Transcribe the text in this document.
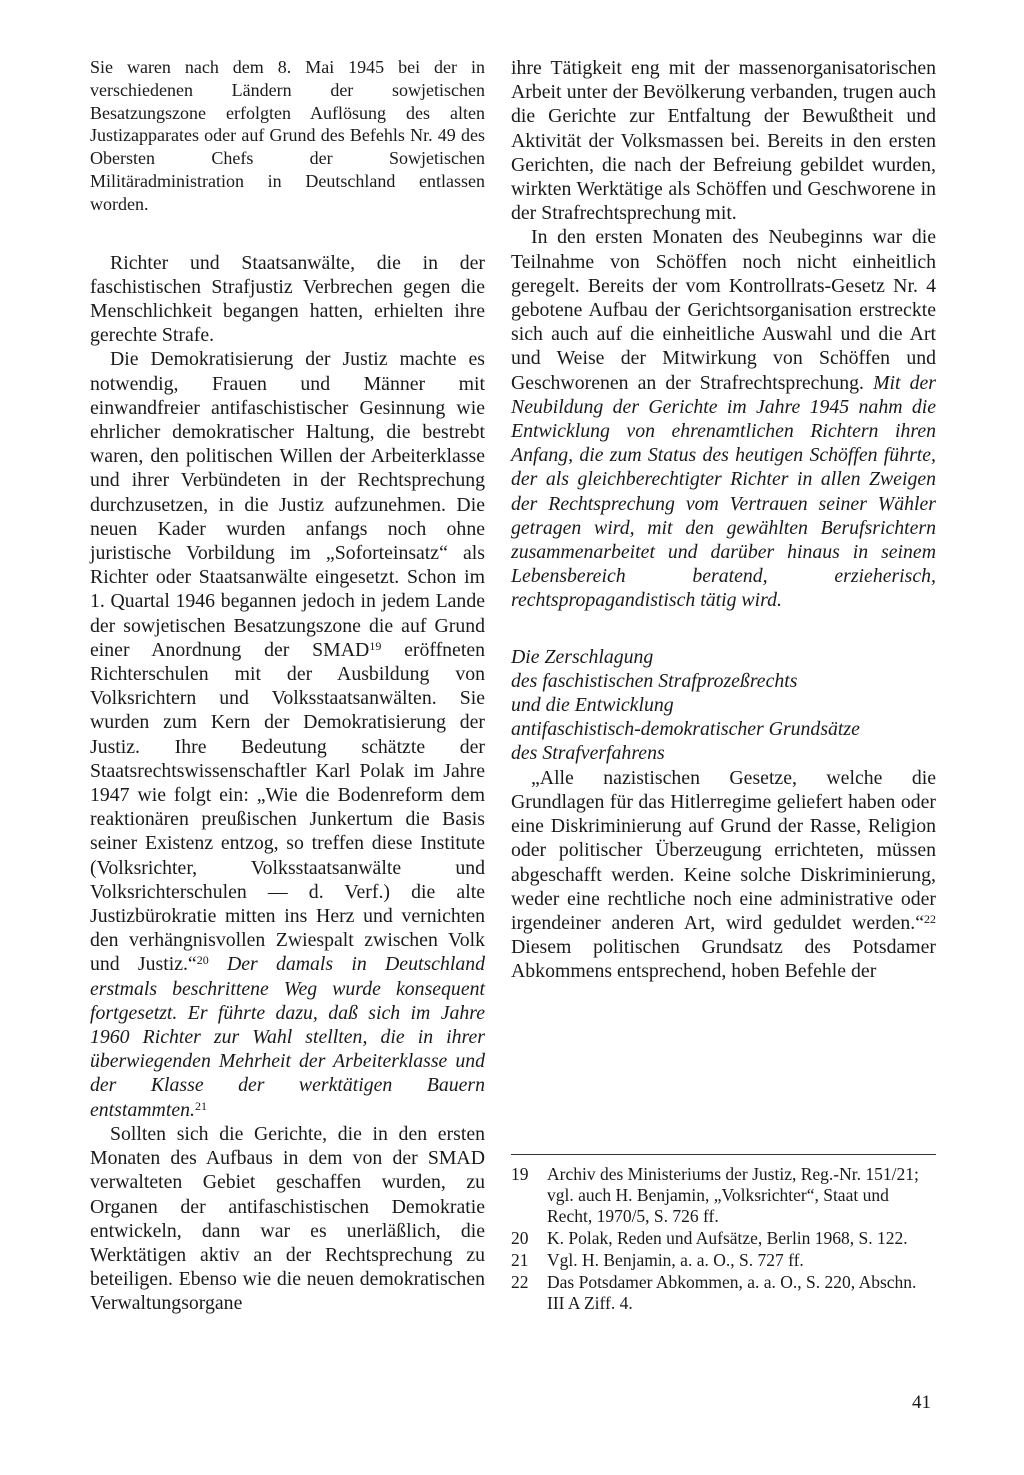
Sie waren nach dem 8. Mai 1945 bei der in verschiedenen Ländern der sowjetischen Besatzungszone erfolgten Auflösung des alten Justizapparates oder auf Grund des Befehls Nr. 49 des Obersten Chefs der Sowjetischen Militäradministration in Deutschland entlassen worden.

Richter und Staatsanwälte, die in der faschistischen Strafjustiz Verbrechen gegen die Menschlichkeit begangen hatten, erhielten ihre gerechte Strafe.

Die Demokratisierung der Justiz machte es notwendig, Frauen und Männer mit einwandfreier antifaschistischer Gesinnung wie ehrlicher demokratischer Haltung, die bestrebt waren, den politischen Willen der Arbeiterklasse und ihrer Verbündeten in der Rechtsprechung durchzusetzen, in die Justiz aufzunehmen. Die neuen Kader wurden anfangs noch ohne juristische Vorbildung im „Soforteinsatz“ als Richter oder Staatsanwälte eingesetzt. Schon im 1. Quartal 1946 begannen jedoch in jedem Lande der sowjetischen Besatzungszone die auf Grund einer Anordnung der SMAD$^{19}$ eröffneten Richterschulen mit der Ausbildung von Volksrichtern und Volksstaatsanwälten. Sie wurden zum Kern der Demokratisierung der Justiz. Ihre Bedeutung schätzte der Staatsrechtswissenschaftler Karl Polak im Jahre 1947 wie folgt ein: „Wie die Bodenreform dem reaktionären preußischen Junkertum die Basis seiner Existenz entzog, so treffen diese Institute (Volksrichter, Volksstaatsanwälte und Volksrichterschulen — d. Verf.) die alte Justizbürokratie mitten ins Herz und vernichten den verhängnisvollen Zwiespalt zwischen Volk und Justiz.“$^{20}$ Der damals in Deutschland erstmals beschrittene Weg wurde konsequent fortgesetzt. Er führte dazu, daß sich im Jahre 1960 Richter zur Wahl stellten, die in ihrer überwiegenden Mehrheit der Arbeiterklasse und der Klasse der werktätigen Bauern entstammten.$^{21}$

Sollten sich die Gerichte, die in den ersten Monaten des Aufbaus in dem von der SMAD verwalteten Gebiet geschaffen wurden, zu Organen der antifaschistischen Demokratie entwickeln, dann war es unerläßlich, die Werktätigen aktiv an der Rechtsprechung zu beteiligen. Ebenso wie die neuen demokratischen Verwaltungsorgane

ihre Tätigkeit eng mit der massenorganisatorischen Arbeit unter der Bevölkerung verbanden, trugen auch die Gerichte zur Entfaltung der Bewußtheit und Aktivität der Volksmassen bei. Bereits in den ersten Gerichten, die nach der Befreiung gebildet wurden, wirkten Werktätige als Schöffen und Geschworene in der Strafrechtsprechung mit.

In den ersten Monaten des Neubeginns war die Teilnahme von Schöffen noch nicht einheitlich geregelt. Bereits der vom Kontrollrats-Gesetz Nr. 4 gebotene Aufbau der Gerichtsorganisation erstreckte sich auch auf die einheitliche Auswahl und die Art und Weise der Mitwirkung von Schöffen und Geschworenen an der Strafrechtsprechung. Mit der Neubildung der Gerichte im Jahre 1945 nahm die Entwicklung von ehrenamtlichen Richtern ihren Anfang, die zum Status des heutigen Schöffen führte, der als gleichberechtigter Richter in allen Zweigen der Rechtsprechung vom Vertrauen seiner Wähler getragen wird, mit den gewählten Berufsrichtern zusammenarbeitet und darüber hinaus in seinem Lebensbereich beratend, erzieherisch, rechtspropagandistisch tätig wird.

Die Zerschlagung
des faschistischen Strafprozeßrechts
und die Entwicklung
antifaschistisch-demokratischer Grundsätze
des Strafverfahrens

„Alle nazistischen Gesetze, welche die Grundlagen für das Hitlerregime geliefert haben oder eine Diskriminierung auf Grund der Rasse, Religion oder politischer Überzeugung errichteten, müssen abgeschafft werden. Keine solche Diskriminierung, weder eine rechtliche noch eine administrative oder irgendeiner anderen Art, wird geduldet werden.“$^{22}$ Diesem politischen Grundsatz des Potsdamer Abkommens entsprechend, hoben Befehle der

19	Archiv des Ministeriums der Justiz, Reg.-Nr. 151/21; vgl. auch H. Benjamin, „Volksrichter“, Staat und Recht, 1970/5, S. 726 ff.
20	K. Polak, Reden und Aufsätze, Berlin 1968, S. 122.
21	Vgl. H. Benjamin, a. a. O., S. 727 ff.
22	Das Potsdamer Abkommen, a. a. O., S. 220, Abschn. III A Ziff. 4.
41
